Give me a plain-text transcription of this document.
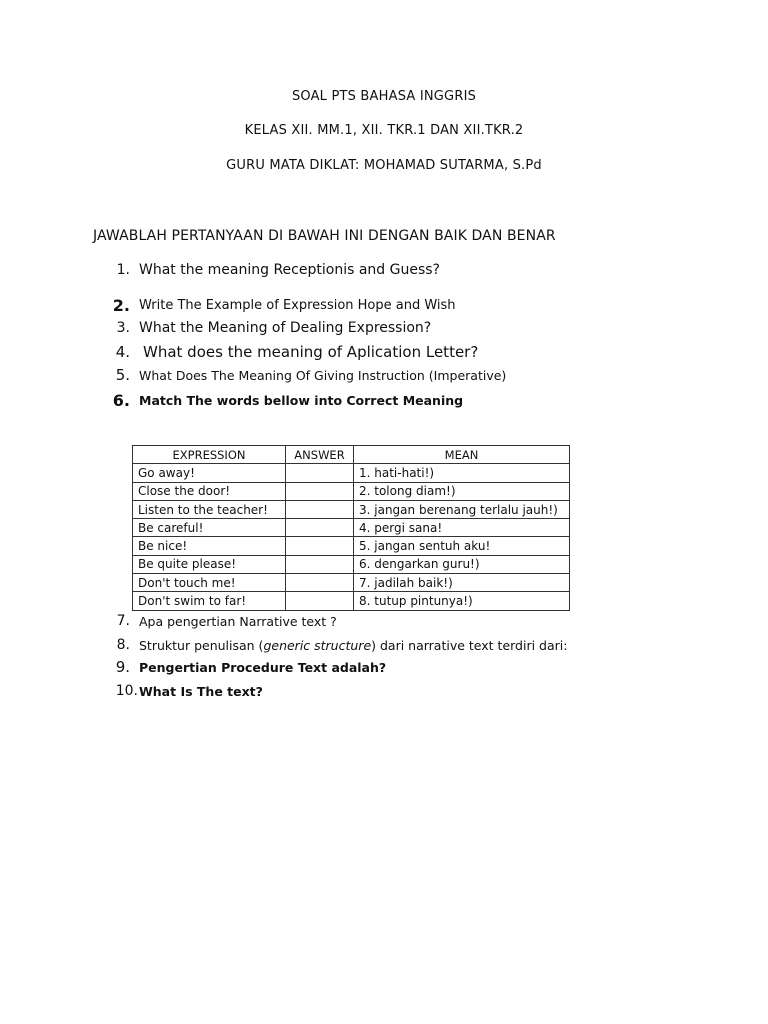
SOAL PTS BAHASA INGGRIS
KELAS XII. MM.1, XII. TKR.1 DAN XII.TKR.2
GURU MATA DIKLAT: MOHAMAD SUTARMA, S.Pd
JAWABLAH PERTANYAAN DI BAWAH INI DENGAN BAIK DAN BENAR
1. What the meaning Receptionis and Guess?
2. Write The Example of Expression Hope and Wish
3. What the Meaning of Dealing Expression?
4. What does the meaning of Aplication Letter?
5. What Does The Meaning Of Giving Instruction (Imperative)
6. Match The words bellow into Correct Meaning
EXPRESSION	ANSWER	MEAN
Go away!		1. hati-hati!)
Close the door!		2. tolong diam!)
Listen to the teacher!		3. jangan berenang terlalu jauh!)
Be careful!		4. pergi sana!
Be nice!		5. jangan sentuh aku!
Be quite please!		6. dengarkan guru!)
Don't touch me!		7. jadilah baik!)
Don't swim to far!		8. tutup pintunya!)
7. Apa pengertian Narrative text ?
8. Struktur penulisan (generic structure) dari narrative text terdiri dari:
9. Pengertian Procedure Text adalah?
10. What Is The text?
